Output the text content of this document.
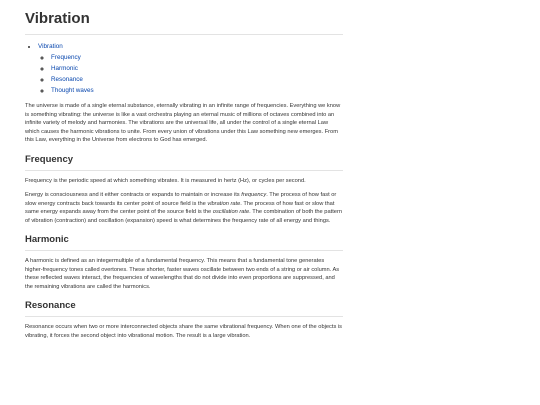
Vibration
• Vibration
◦ Frequency
◦ Harmonic
◦ Resonance
◦ Thought waves

The universe is made of a single eternal substance, eternally vibrating in an infinite range of frequencies. Everything we know is something vibrating: the universe is like a vast orchestra playing an eternal music of millions of octaves combined into an infinite variety of melody and harmonies. The vibrations are the universal life, all under the control of a single eternal Law which causes the harmonic vibrations to unite. From every union of vibrations under this Law something new emerges. From this Law, everything in the Universe from electrons to God has emerged.

Frequency

Frequency is the periodic speed at which something vibrates. It is measured in hertz (Hz), or cycles per second.

Energy is consciousness and it either contracts or expands to maintain or increase its frequency. The process of how fast or slow energy contracts back towards its center point of source field is the vibration rate. The process of how fast or slow that same energy expands away from the center point of the source field is the oscillation rate. The combination of both the pattern of vibration (contraction) and oscillation (expansion) speed is what determines the frequency rate of all energy and things.

Harmonic

A harmonic is defined as an integermultiple of a fundamental frequency. This means that a fundamental tone generates higher-frequency tones called overtones. These shorter, faster waves oscillate between two ends of a string or air column. As these reflected waves interact, the frequencies of wavelengths that do not divide into even proportions are suppressed, and the remaining vibrations are called the harmonics.

Resonance

Resonance occurs when two or more interconnected objects share the same vibrational frequency. When one of the objects is vibrating, it forces the second object into vibrational motion. The result is a large vibration.
